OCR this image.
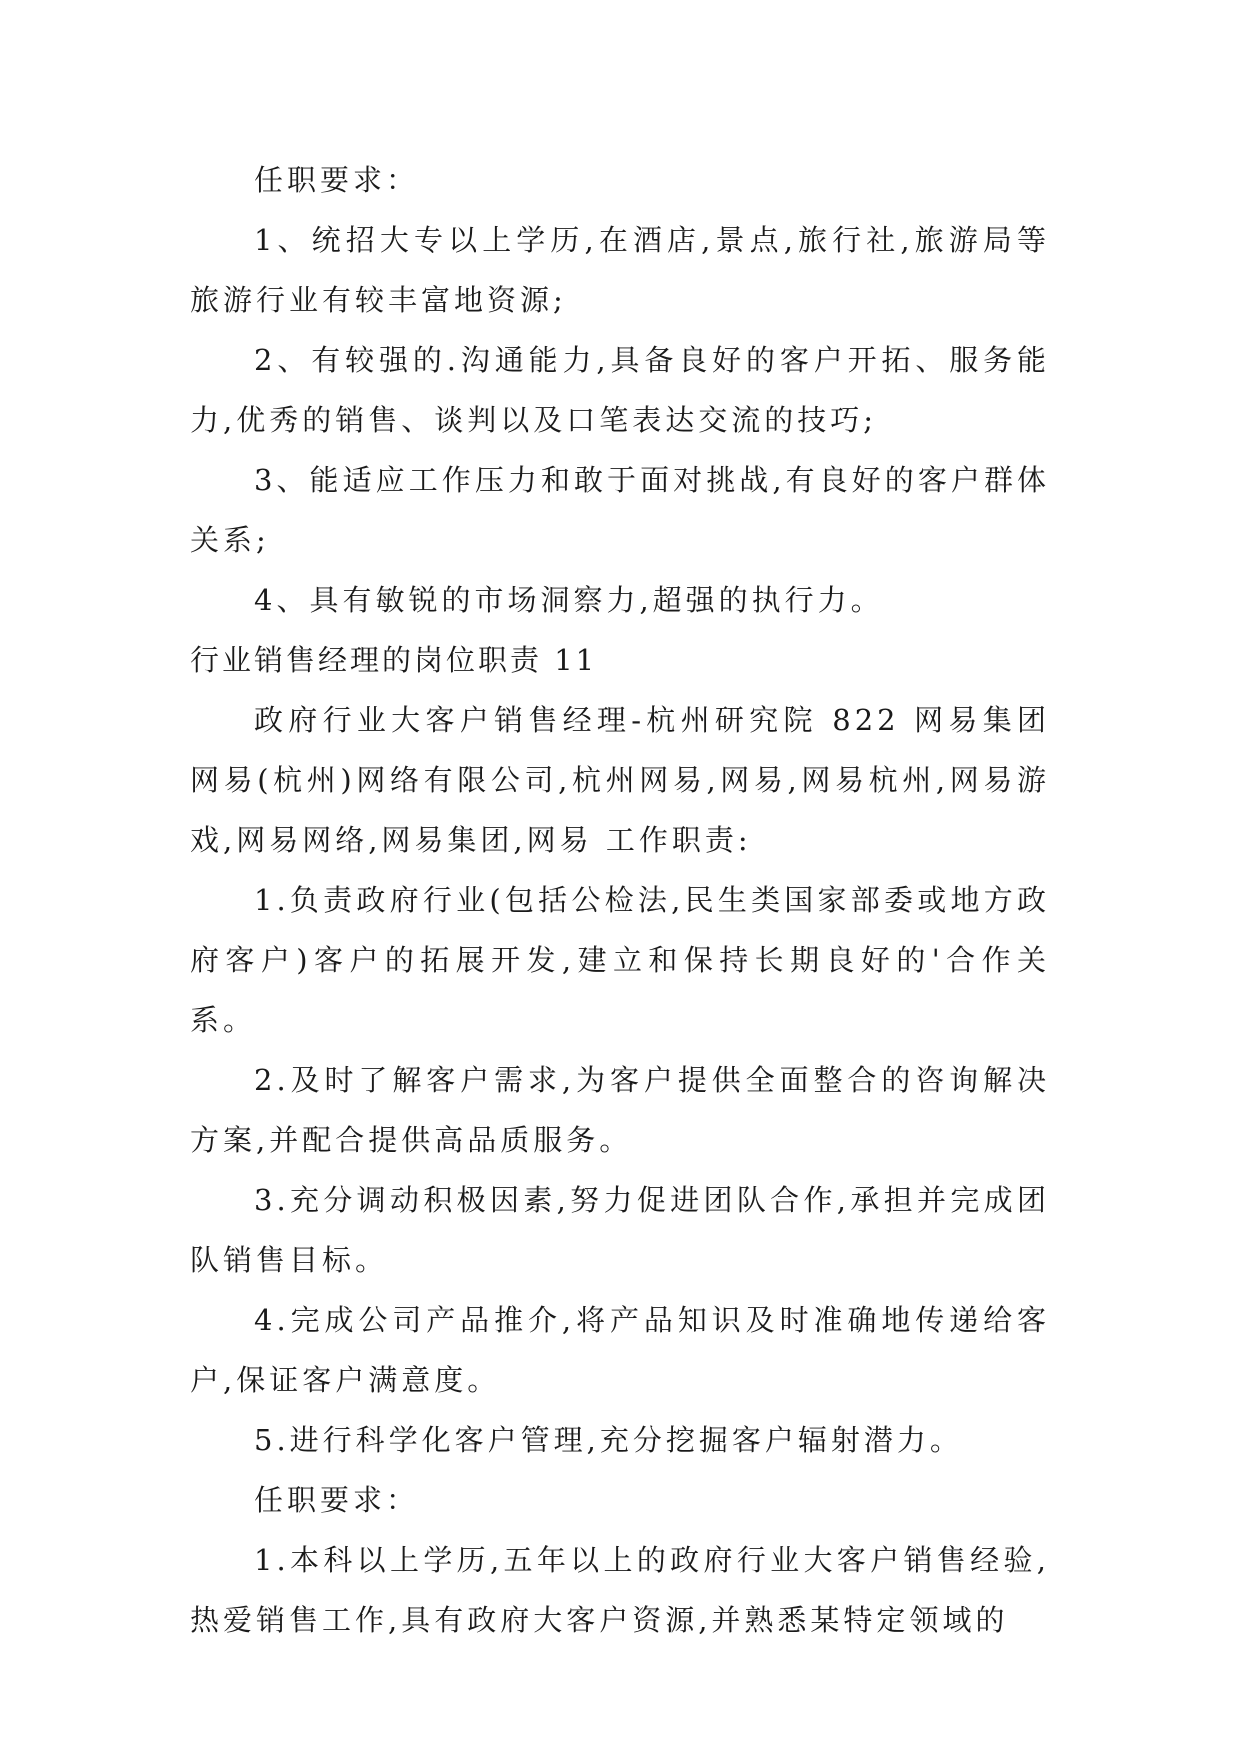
任职要求：

1、统招大专以上学历,在酒店,景点,旅行社,旅游局等旅游行业有较丰富地资源;

2、有较强的.沟通能力,具备良好的客户开拓、服务能力,优秀的销售、谈判以及口笔表达交流的技巧;

3、能适应工作压力和敢于面对挑战,有良好的客户群体关系;

4、具有敏锐的市场洞察力,超强的执行力。

行业销售经理的岗位职责 11

政府行业大客户销售经理-杭州研究院 822 网易集团网易(杭州)网络有限公司,杭州网易,网易,网易杭州,网易游戏,网易网络,网易集团,网易 工作职责:

1.负责政府行业(包括公检法,民生类国家部委或地方政府客户)客户的拓展开发,建立和保持长期良好的'合作关系。

2.及时了解客户需求,为客户提供全面整合的咨询解决方案,并配合提供高品质服务。

3.充分调动积极因素,努力促进团队合作,承担并完成团队销售目标。

4.完成公司产品推介,将产品知识及时准确地传递给客户,保证客户满意度。

5.进行科学化客户管理,充分挖掘客户辐射潜力。

任职要求：

1.本科以上学历,五年以上的政府行业大客户销售经验,热爱销售工作,具有政府大客户资源,并熟悉某特定领域的
